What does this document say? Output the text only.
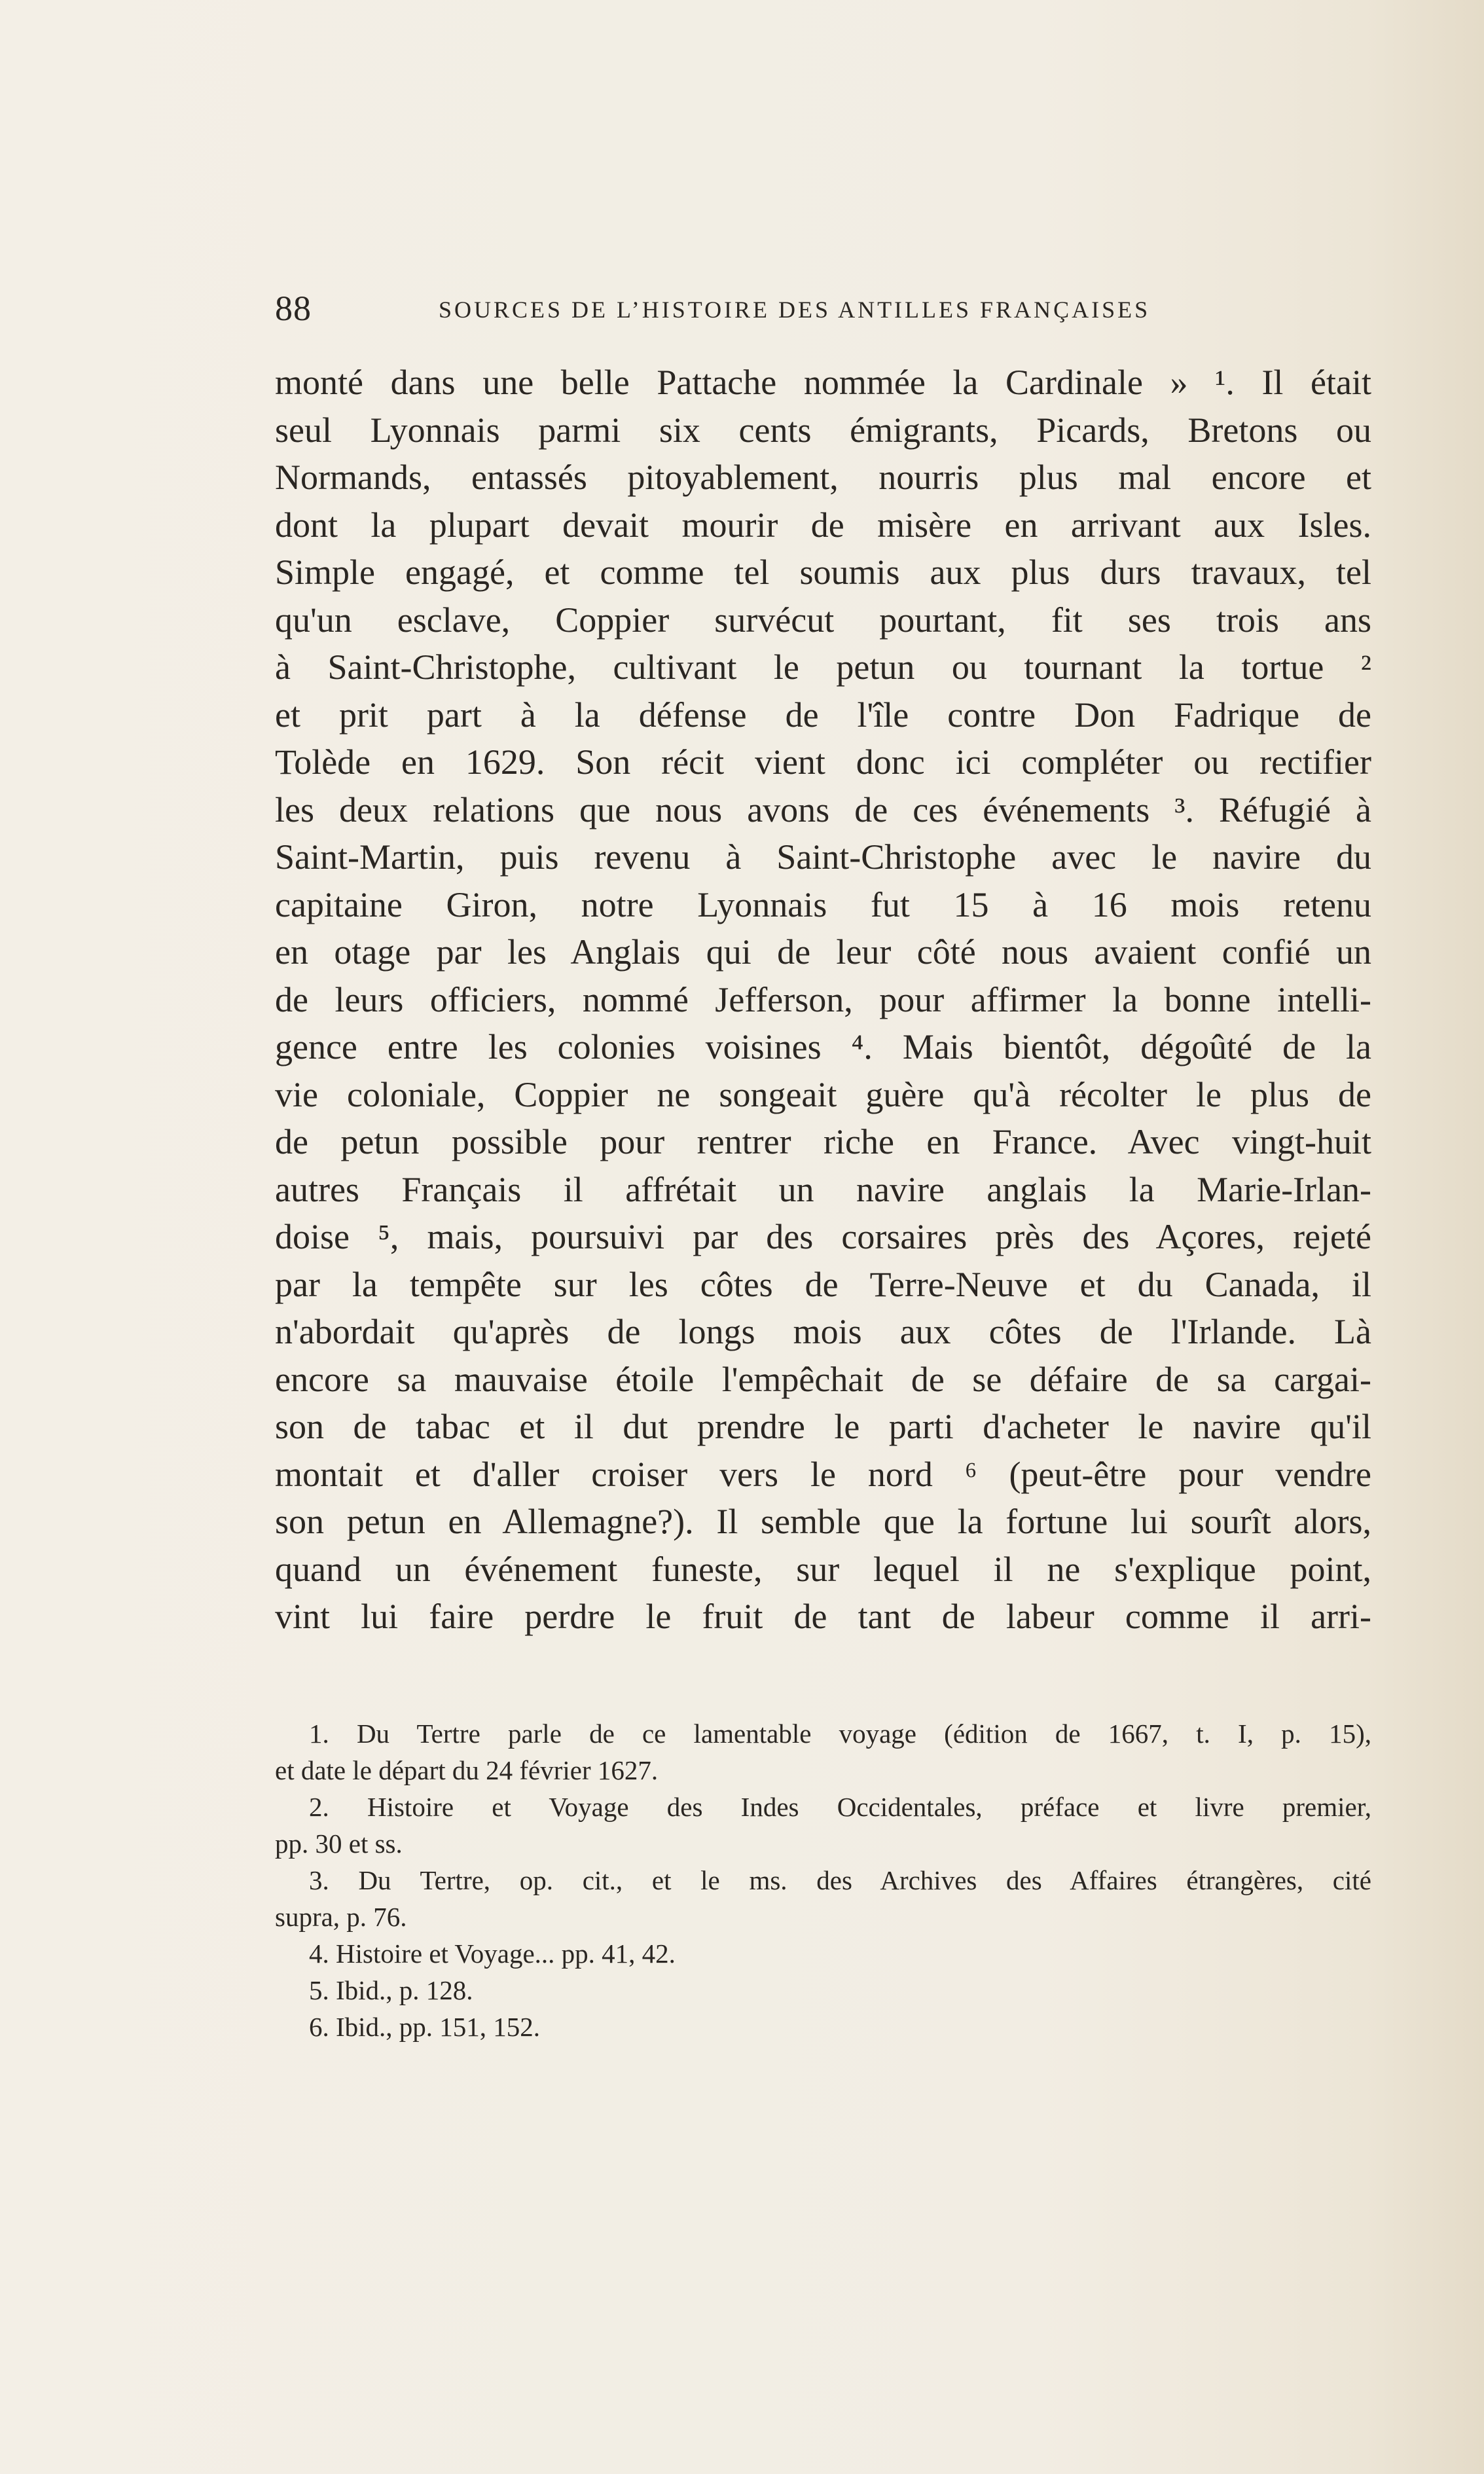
88	SOURCES DE L’HISTOIRE DES ANTILLES FRANÇAISES
monté dans une belle Pattache nommée la Cardinale » ¹. Il était
seul Lyonnais parmi six cents émigrants, Picards, Bretons ou
Normands, entassés pitoyablement, nourris plus mal encore et
dont la plupart devait mourir de misère en arrivant aux Isles.
Simple engagé, et comme tel soumis aux plus durs travaux, tel
qu'un esclave, Coppier survécut pourtant, fit ses trois ans
à Saint-Christophe, cultivant le petun ou tournant la tortue ²
et prit part à la défense de l'île contre Don Fadrique de
Tolède en 1629. Son récit vient donc ici compléter ou rectifier
les deux relations que nous avons de ces événements ³. Réfugié à
Saint-Martin, puis revenu à Saint-Christophe avec le navire du
capitaine Giron, notre Lyonnais fut 15 à 16 mois retenu
en otage par les Anglais qui de leur côté nous avaient confié un
de leurs officiers, nommé Jefferson, pour affirmer la bonne intelli-
gence entre les colonies voisines ⁴. Mais bientôt, dégoûté de la
vie coloniale, Coppier ne songeait guère qu'à récolter le plus de
de petun possible pour rentrer riche en France. Avec vingt-huit
autres Français il affrétait un navire anglais la Marie-Irlan-
doise ⁵, mais, poursuivi par des corsaires près des Açores, rejeté
par la tempête sur les côtes de Terre-Neuve et du Canada, il
n'abordait qu'après de longs mois aux côtes de l'Irlande. Là
encore sa mauvaise étoile l'empêchait de se défaire de sa cargai-
son de tabac et il dut prendre le parti d'acheter le navire qu'il
montait et d'aller croiser vers le nord ⁶ (peut-être pour vendre
son petun en Allemagne?). Il semble que la fortune lui sourît alors,
quand un événement funeste, sur lequel il ne s'explique point,
vint lui faire perdre le fruit de tant de labeur comme il arri-
1. Du Tertre parle de ce lamentable voyage (édition de 1667, t. I, p. 15),
et date le départ du 24 février 1627.
2. Histoire et Voyage des Indes Occidentales, préface et livre premier,
pp. 30 et ss.
3. Du Tertre, op. cit., et le ms. des Archives des Affaires étrangères, cité
supra, p. 76.
4. Histoire et Voyage... pp. 41, 42.
5. Ibid., p. 128.
6. Ibid., pp. 151, 152.
